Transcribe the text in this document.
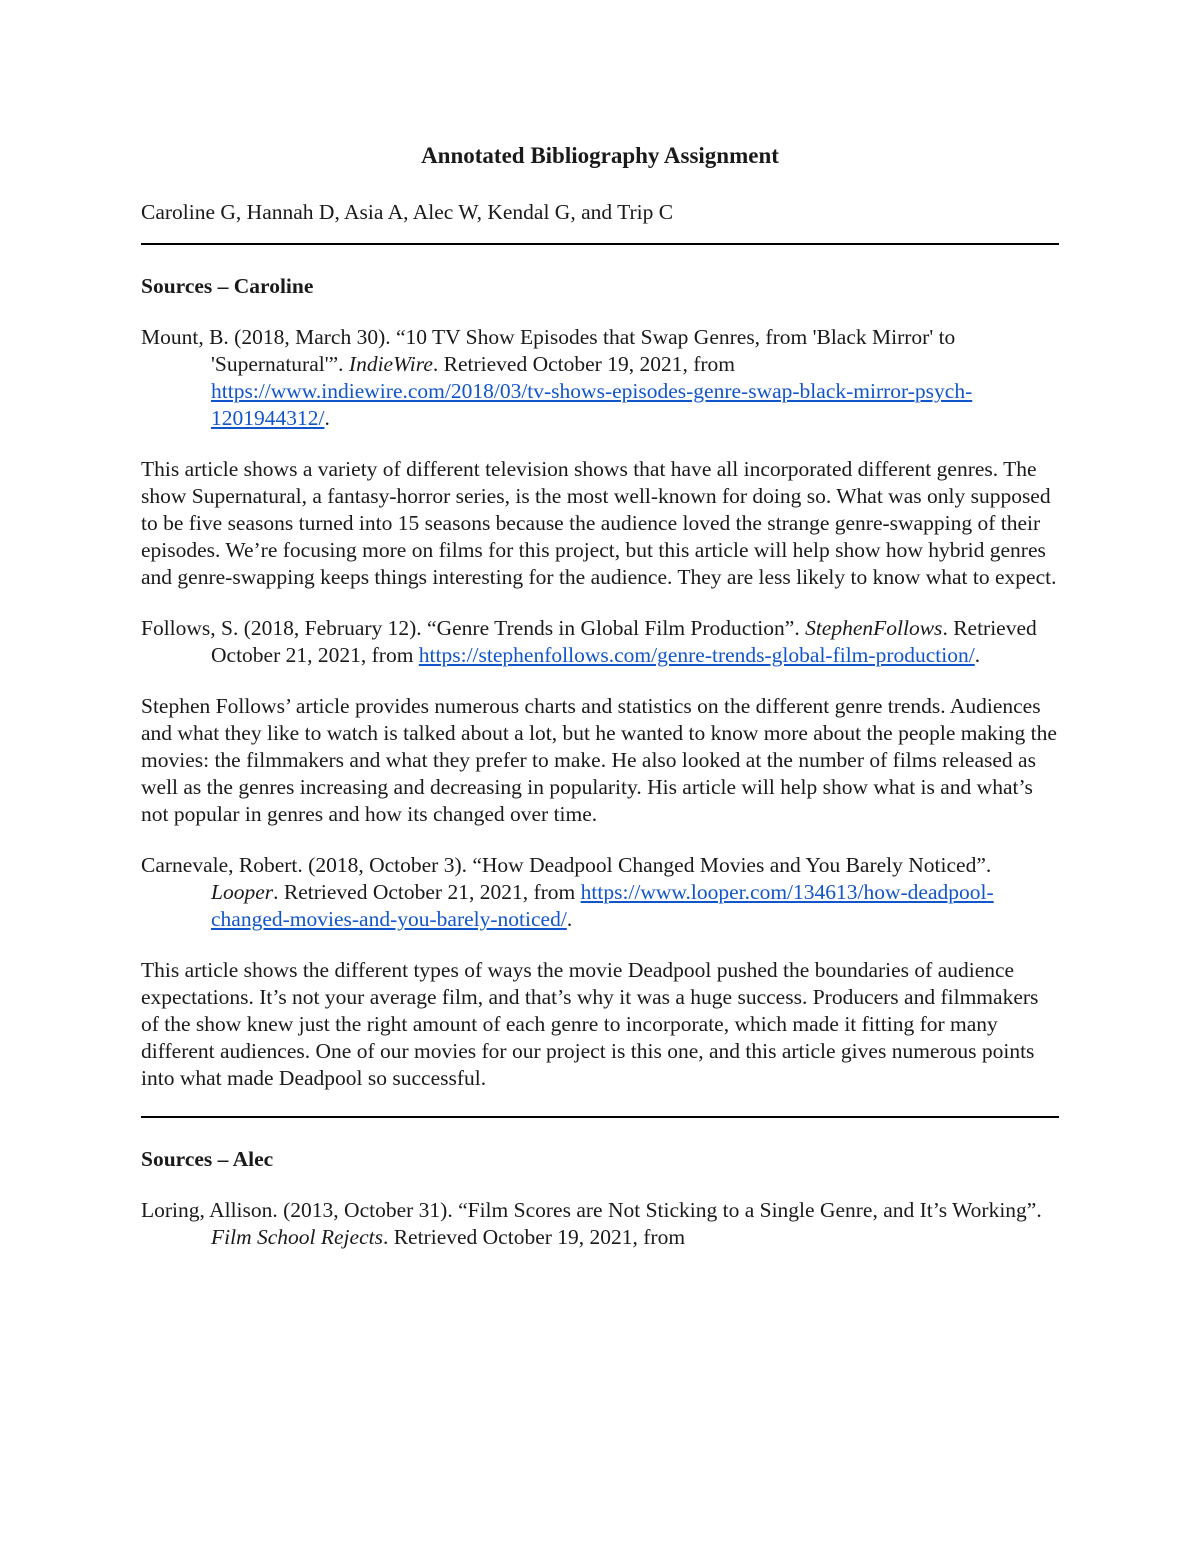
Annotated Bibliography Assignment
Caroline G, Hannah D, Asia A, Alec W, Kendal G, and Trip C
Sources – Caroline

Mount, B. (2018, March 30). “10 TV Show Episodes that Swap Genres, from 'Black Mirror' to 'Supernatural'”. IndieWire. Retrieved October 19, 2021, from https://www.indiewire.com/2018/03/tv-shows-episodes-genre-swap-black-mirror-psych-1201944312/.

This article shows a variety of different television shows that have all incorporated different genres. The show Supernatural, a fantasy-horror series, is the most well-known for doing so. What was only supposed to be five seasons turned into 15 seasons because the audience loved the strange genre-swapping of their episodes. We’re focusing more on films for this project, but this article will help show how hybrid genres and genre-swapping keeps things interesting for the audience. They are less likely to know what to expect.

Follows, S. (2018, February 12). “Genre Trends in Global Film Production”. StephenFollows. Retrieved October 21, 2021, from https://stephenfollows.com/genre-trends-global-film-production/.

Stephen Follows’ article provides numerous charts and statistics on the different genre trends. Audiences and what they like to watch is talked about a lot, but he wanted to know more about the people making the movies: the filmmakers and what they prefer to make. He also looked at the number of films released as well as the genres increasing and decreasing in popularity. His article will help show what is and what’s not popular in genres and how its changed over time.

Carnevale, Robert. (2018, October 3). “How Deadpool Changed Movies and You Barely Noticed”. Looper. Retrieved October 21, 2021, from https://www.looper.com/134613/how-deadpool-changed-movies-and-you-barely-noticed/.

This article shows the different types of ways the movie Deadpool pushed the boundaries of audience expectations. It’s not your average film, and that’s why it was a huge success. Producers and filmmakers of the show knew just the right amount of each genre to incorporate, which made it fitting for many different audiences. One of our movies for our project is this one, and this article gives numerous points into what made Deadpool so successful.

Sources – Alec

Loring, Allison. (2013, October 31). “Film Scores are Not Sticking to a Single Genre, and It’s Working”. Film School Rejects. Retrieved October 19, 2021, from
